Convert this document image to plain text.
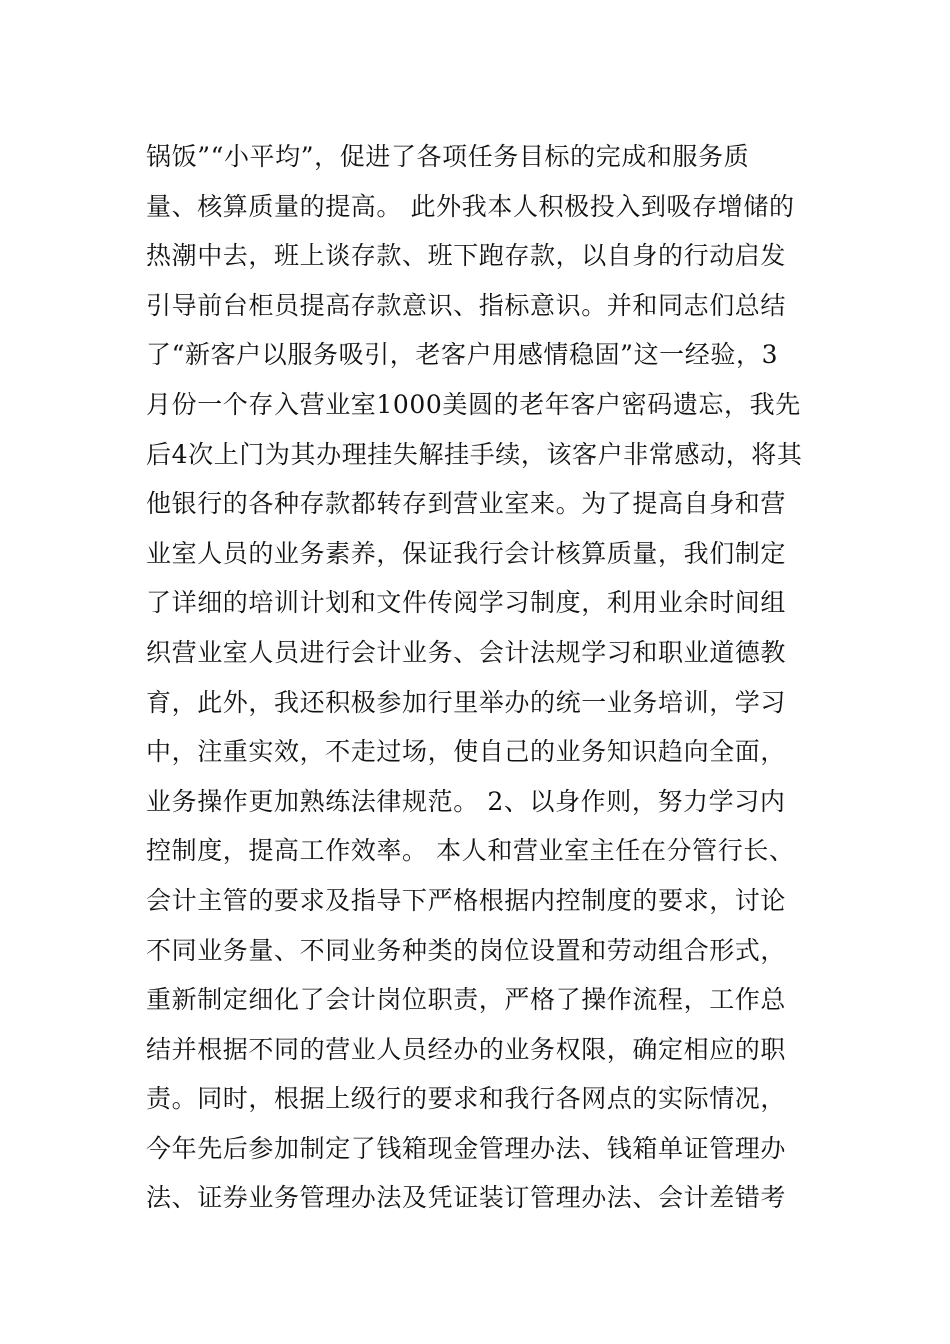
锅饭”“小平均”，促进了各项任务目标的完成和服务质
量、核算质量的提高。 此外我本人积极投入到吸存增储的
热潮中去，班上谈存款、班下跑存款，以自身的行动启发
引导前台柜员提高存款意识、指标意识。并和同志们总结
了“新客户以服务吸引，老客户用感情稳固”这一经验，3
月份一个存入营业室1000美圆的老年客户密码遗忘，我先
后4次上门为其办理挂失解挂手续，该客户非常感动，将其
他银行的各种存款都转存到营业室来。为了提高自身和营
业室人员的业务素养，保证我行会计核算质量，我们制定
了详细的培训计划和文件传阅学习制度，利用业余时间组
织营业室人员进行会计业务、会计法规学习和职业道德教
育，此外，我还积极参加行里举办的统一业务培训，学习
中，注重实效，不走过场，使自己的业务知识趋向全面，
业务操作更加熟练法律规范。 2、以身作则，努力学习内
控制度，提高工作效率。 本人和营业室主任在分管行长、
会计主管的要求及指导下严格根据内控制度的要求，讨论
不同业务量、不同业务种类的岗位设置和劳动组合形式，
重新制定细化了会计岗位职责，严格了操作流程，工作总
结并根据不同的营业人员经办的业务权限，确定相应的职
责。同时，根据上级行的要求和我行各网点的实际情况，
今年先后参加制定了钱箱现金管理办法、钱箱单证管理办
法、证券业务管理办法及凭证装订管理办法、会计差错考
